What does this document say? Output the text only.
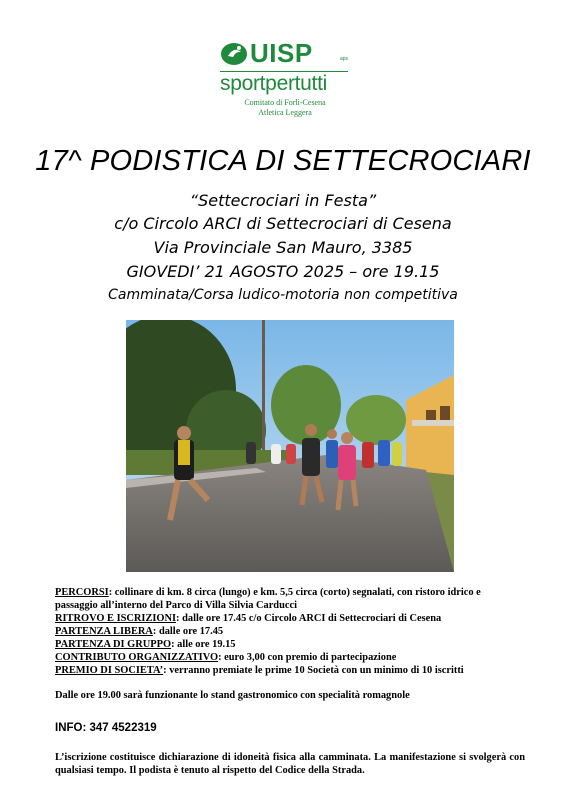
UISP	aps
sportpertutti
Comitato di Forlì-Cesena
Atletica Leggera
17^ PODISTICA DI SETTECROCIARI
“Settecrociari in Festa”
c/o Circolo ARCI di Settecrociari di Cesena
Via Provinciale San Mauro, 3385
GIOVEDI’ 21 AGOSTO 2025 – ore 19.15
Camminata/Corsa ludico-motoria non competitiva

PERCORSI: collinare di km. 8 circa (lungo) e km. 5,5 circa (corto) segnalati, con ristoro idrico e passaggio all’interno del Parco di Villa Silvia Carducci

RITROVO E ISCRIZIONI: dalle ore 17.45 c/o Circolo ARCI di Settecrociari di Cesena

PARTENZA LIBERA: dalle ore 17.45

PARTENZA DI GRUPPO: alle ore 19.15

CONTRIBUTO ORGANIZZATIVO: euro 3,00 con premio di partecipazione

PREMIO DI SOCIETA’: verranno premiate le prime 10 Società con un minimo di 10 iscritti

Dalle ore 19.00 sarà funzionante lo stand gastronomico con specialità romagnole
INFO: 347 4522319
L’iscrizione costituisce dichiarazione di idoneità fisica alla camminata. La manifestazione si svolgerà con qualsiasi tempo. Il podista è tenuto al rispetto del Codice della Strada.
